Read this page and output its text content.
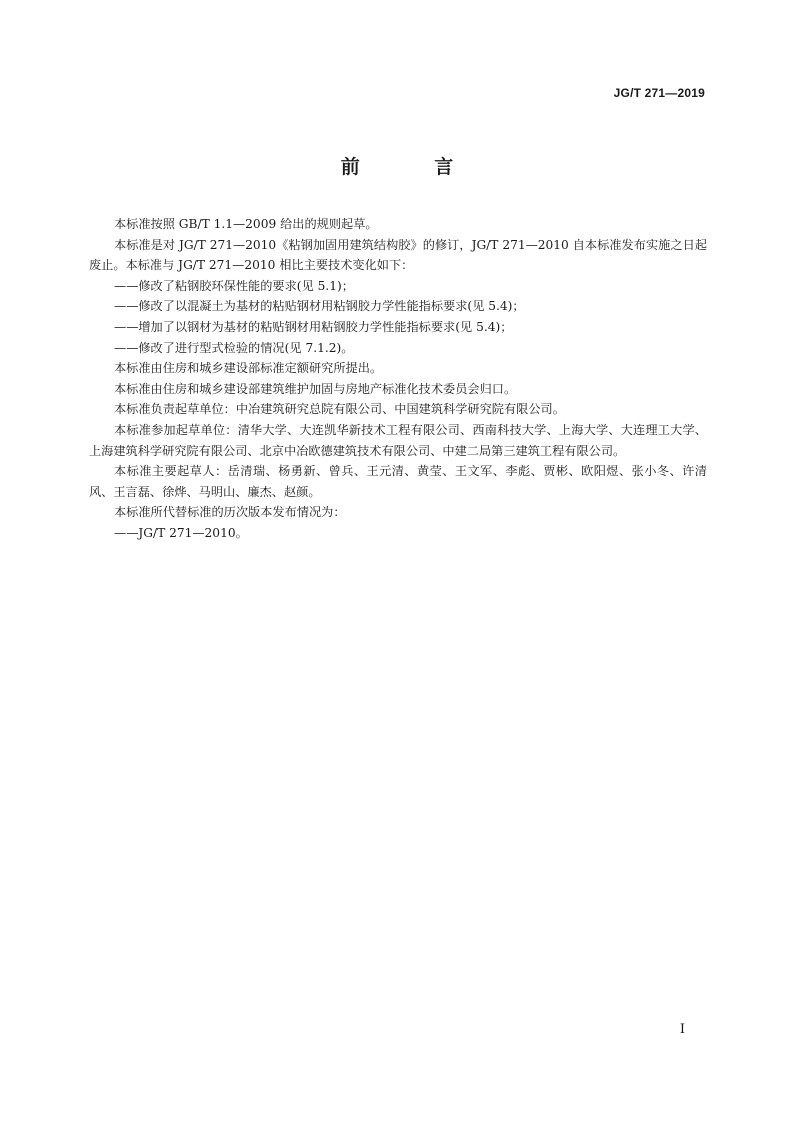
JG/T 271—2019
前 言

本标准按照 GB/T 1.1—2009 给出的规则起草。

本标准是对 JG/T 271—2010《粘钢加固用建筑结构胶》的修订，JG/T 271—2010 自本标准发布实施之日起废止。本标准与 JG/T 271—2010 相比主要技术变化如下：

——修改了粘钢胶环保性能的要求(见 5.1)；

——修改了以混凝土为基材的粘贴钢材用粘钢胶力学性能指标要求(见 5.4)；

——增加了以钢材为基材的粘贴钢材用粘钢胶力学性能指标要求(见 5.4)；

——修改了进行型式检验的情况(见 7.1.2)。

本标准由住房和城乡建设部标准定额研究所提出。

本标准由住房和城乡建设部建筑维护加固与房地产标准化技术委员会归口。

本标准负责起草单位：中冶建筑研究总院有限公司、中国建筑科学研究院有限公司。

本标准参加起草单位：清华大学、大连凯华新技术工程有限公司、西南科技大学、上海大学、大连理工大学、上海建筑科学研究院有限公司、北京中冶欧德建筑技术有限公司、中建二局第三建筑工程有限公司。

本标准主要起草人：岳清瑞、杨勇新、曾兵、王元清、黄莹、王文军、李彪、贾彬、欧阳煜、张小冬、许清风、王言磊、徐烨、马明山、廉杰、赵颜。

本标准所代替标准的历次版本发布情况为：

——JG/T 271—2010。

I
